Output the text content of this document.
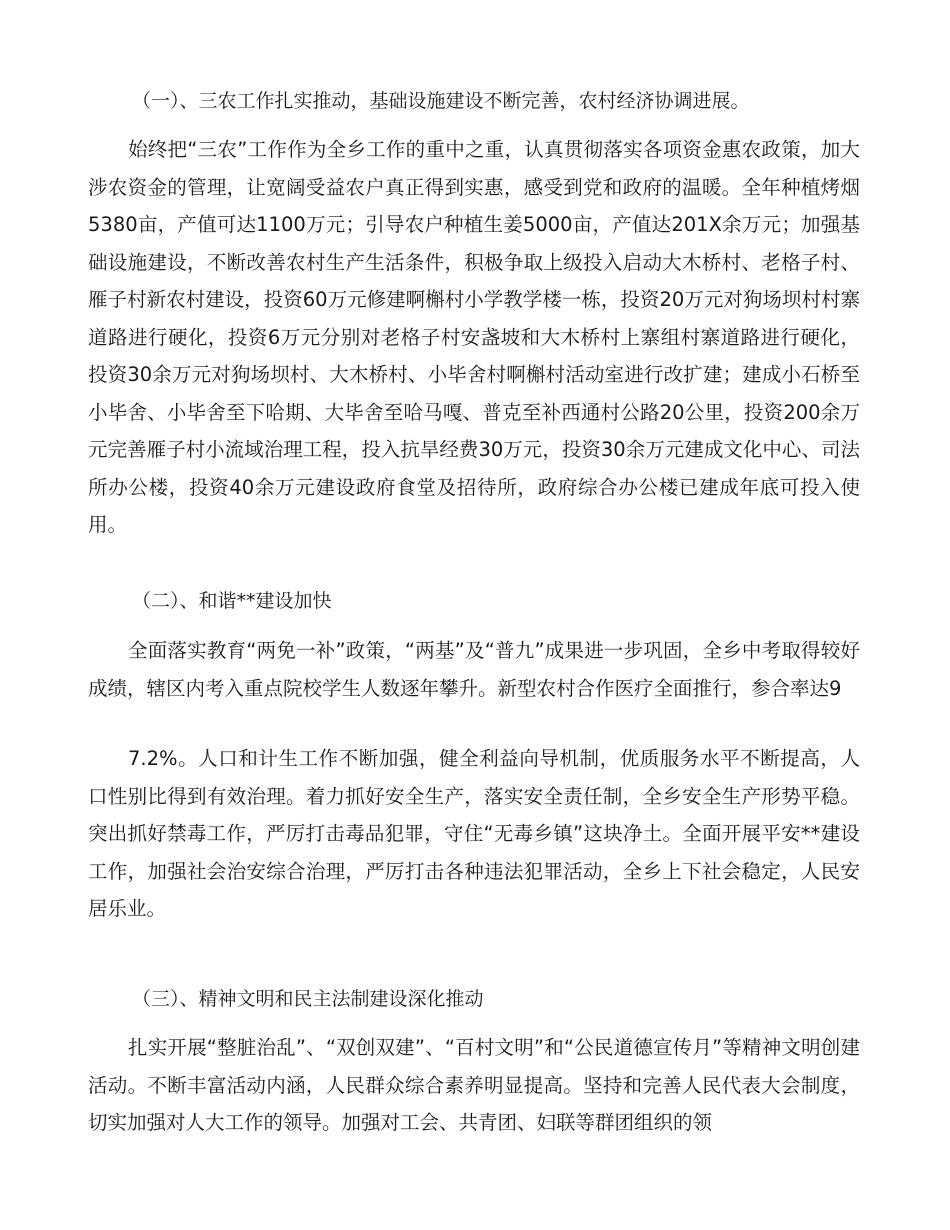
（一）、三农工作扎实推动，基础设施建设不断完善，农村经济协调进展。
始终把“三农”工作作为全乡工作的重中之重，认真贯彻落实各项资金惠农政策，加大涉农资金的管理，让宽阔受益农户真正得到实惠，感受到党和政府的温暖。全年种植烤烟5380亩，产值可达1100万元；引导农户种植生姜5000亩，产值达201X余万元；加强基础设施建设，不断改善农村生产生活条件，积极争取上级投入启动大木桥村、老格子村、雁子村新农村建设，投资60万元修建啊槲村小学教学楼一栋，投资20万元对狗场坝村村寨道路进行硬化，投资6万元分别对老格子村安盏坡和大木桥村上寨组村寨道路进行硬化，投资30余万元对狗场坝村、大木桥村、小毕舍村啊槲村活动室进行改扩建；建成小石桥至小毕舍、小毕舍至下哈期、大毕舍至哈马嘎、普克至补西通村公路20公里，投资200余万元完善雁子村小流域治理工程，投入抗旱经费30万元，投资30余万元建成文化中心、司法所办公楼，投资40余万元建设政府食堂及招待所，政府综合办公楼已建成年底可投入使用。
（二）、和谐**建设加快
全面落实教育“两免一补”政策，“两基”及“普九”成果进一步巩固，全乡中考取得较好成绩，辖区内考入重点院校学生人数逐年攀升。新型农村合作医疗全面推行，参合率达9
7.2%。人口和计生工作不断加强，健全利益向导机制，优质服务水平不断提高，人口性别比得到有效治理。着力抓好安全生产，落实安全责任制，全乡安全生产形势平稳。突出抓好禁毒工作，严厉打击毒品犯罪，守住“无毒乡镇”这块净土。全面开展平安**建设工作，加强社会治安综合治理，严厉打击各种违法犯罪活动，全乡上下社会稳定，人民安居乐业。
（三）、精神文明和民主法制建设深化推动
扎实开展“整脏治乱”、“双创双建”、“百村文明”和“公民道德宣传月”等精神文明创建活动。不断丰富活动内涵，人民群众综合素养明显提高。坚持和完善人民代表大会制度，切实加强对人大工作的领导。加强对工会、共青团、妇联等群团组织的领
